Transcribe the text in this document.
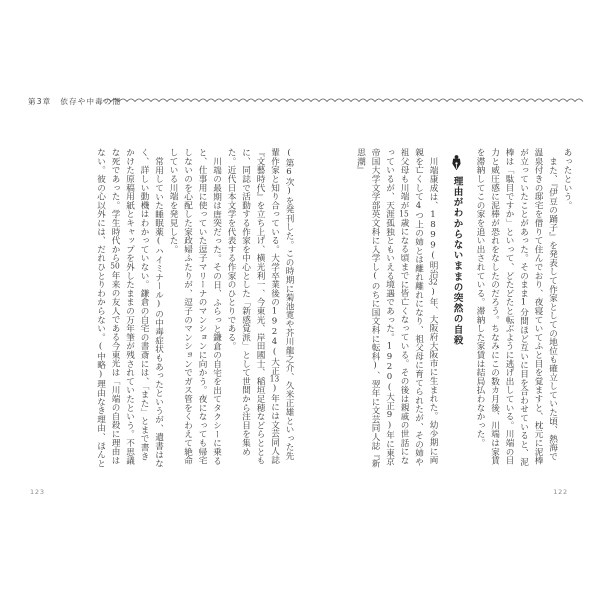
第3章 依存や中毒の闇

あったという。

また、『伊豆の踊子』を発表して作家としての地位も確立していた頃、熱海で温泉付きの邸宅を借りて住んでおり、夜寝ていてふと目を覚ますと、枕元に泥棒が立っていたことがあった。そのまま1分間ほど互いに目を合わせていると、泥棒は「駄目ですか」といって、どたどたと転ぶように逃げ出している。川端の目力と威圧感に泥棒が恐れをなしたのだろう。ちなみにこの数カ月後、川端は家賃を滞納してこの家を追い出されている。滞納した家賃は結局払わなかった。

理由がわからないままの突然の自殺

川端康成は、1899(明治32)年、大阪府大阪市に生まれた。幼少期に両親を亡くして4つ上の姉とは離れ離れになり、祖父母に育てられたが、その姉や祖父母も川端が15歳になる頃までに皆亡くなっている。その後は親戚の世話になっているが、天涯孤独ともいえる境遇であった。1920(大正9)年に東京帝国大学文学部英文科に入学し(のちに国文科に転科)、翌年に文芸同人誌『新思潮』

(第6次)を発刊した。この時期に菊池寛や芥川龍之介、久米正雄といった先輩作家と知り合っている。大学卒業後の1924(大正13)年には文芸同人誌『文藝時代』を立ち上げ、横光利一、今東光、岸田國士、稲垣足穂などらとともに、同誌で活動する作家を中心とした「新感覚派」として世間から注目を集めた。近代日本文学を代表する作家のひとりである。

川端の最期は唐突だった。その日、ふらっと鎌倉の自宅を出てタクシーに乗ると、仕事用に使っていた逗子マリーナのマンションに向かう。夜になっても帰宅しないのを心配した家政婦ふたりが、逗子のマンションでガス管をくわえて絶命している川端を発見した。

常用していた睡眠薬(ハイミナール)の中毒症状もあったというが、遺書はなく、詳しい動機はわかっていない。鎌倉の自宅の書斎には、「また」とまで書きかけた原稿用紙とキャップを外したままの万年筆が残されていたという。不思議な死であった。学生時代から50年来の友人である今東光は「川端の自殺に理由はない。彼の心以外には、だれひとりわからない。(中略)理由なき理由、ほんと

123	122
